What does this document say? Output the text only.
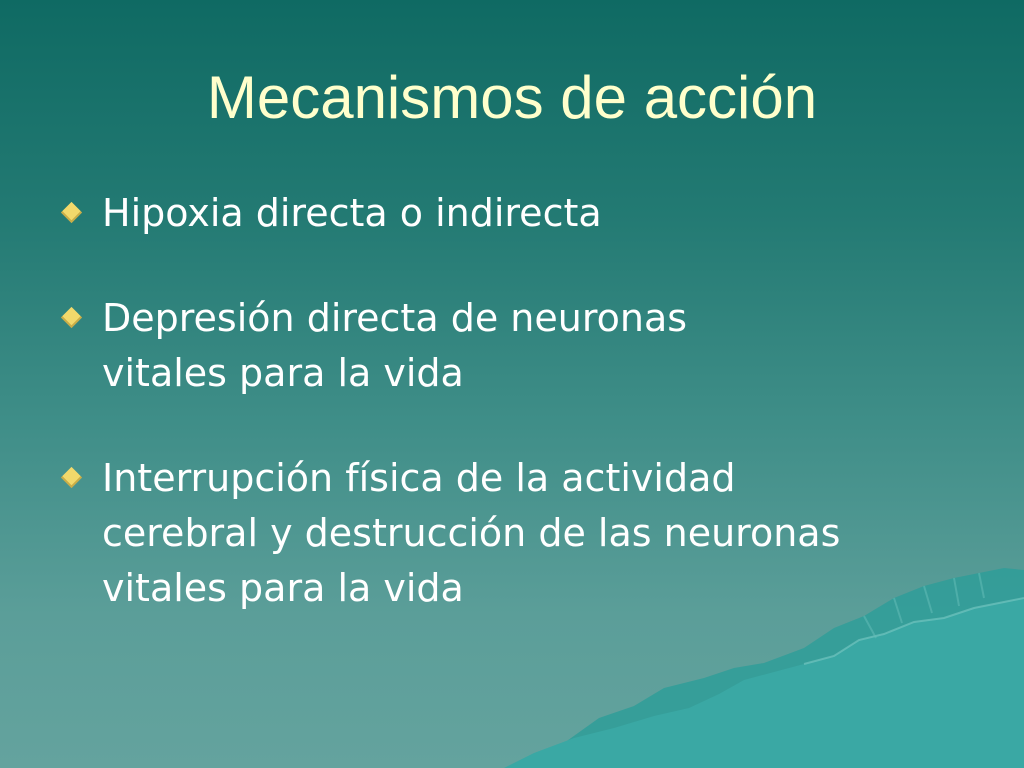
Mecanismos de acción
Hipoxia directa o indirecta
Depresión directa de neuronas vitales para la vida
Interrupción física de la actividad cerebral y destrucción de las neuronas vitales para la vida
